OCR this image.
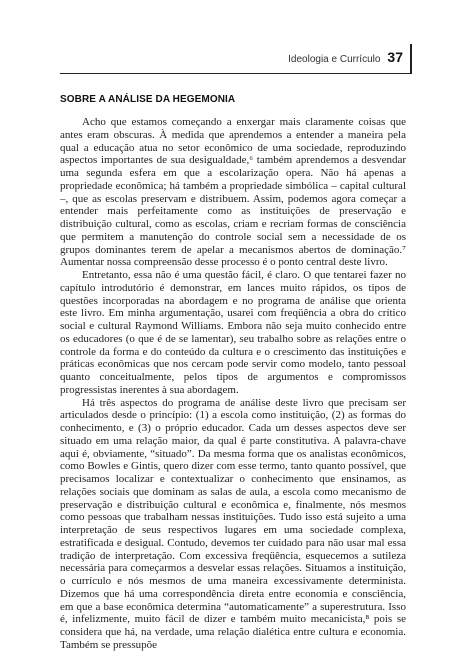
Ideologia e Currículo 37
SOBRE A ANÁLISE DA HEGEMONIA

Acho que estamos começando a enxergar mais claramente coisas que antes eram obscuras. À medida que aprendemos a entender a maneira pela qual a educação atua no setor econômico de uma sociedade, reproduzindo aspectos importantes de sua desigualdade,⁶ também aprendemos a desvendar uma segunda esfera em que a escolarização opera. Não há apenas a propriedade econômica; há também a propriedade simbólica – capital cultural –, que as escolas preservam e distribuem. Assim, podemos agora começar a entender mais perfeitamente como as instituições de preservação e distribuição cultural, como as escolas, criam e recriam formas de consciência que permitem a manutenção do controle social sem a necessidade de os grupos dominantes terem de apelar a mecanismos abertos de dominação.⁷ Aumentar nossa compreensão desse processo é o ponto central deste livro.

Entretanto, essa não é uma questão fácil, é claro. O que tentarei fazer no capítulo introdutório é demonstrar, em lances muito rápidos, os tipos de questões incorporadas na abordagem e no programa de análise que orienta este livro. Em minha argumentação, usarei com freqüência a obra do crítico social e cultural Raymond Williams. Embora não seja muito conhecido entre os educadores (o que é de se lamentar), seu trabalho sobre as relações entre o controle da forma e do conteúdo da cultura e o crescimento das instituições e práticas econômicas que nos cercam pode servir como modelo, tanto pessoal quanto conceitualmente, pelos tipos de argumentos e compromissos progressistas inerentes à sua abordagem.

Há três aspectos do programa de análise deste livro que precisam ser articulados desde o princípio: (1) a escola como instituição, (2) as formas do conhecimento, e (3) o próprio educador. Cada um desses aspectos deve ser situado em uma relação maior, da qual é parte constitutiva. A palavra-chave aqui é, obviamente, “situado”. Da mesma forma que os analistas econômicos, como Bowles e Gintis, quero dizer com esse termo, tanto quanto possível, que precisamos localizar e contextualizar o conhecimento que ensinamos, as relações sociais que dominam as salas de aula, a escola como mecanismo de preservação e distribuição cultural e econômica e, finalmente, nós mesmos como pessoas que trabalham nessas instituições. Tudo isso está sujeito a uma interpretação de seus respectivos lugares em uma sociedade complexa, estratificada e desigual. Contudo, devemos ter cuidado para não usar mal essa tradição de interpretação. Com excessiva freqüência, esquecemos a sutileza necessária para começarmos a desvelar essas relações. Situamos a instituição, o currículo e nós mesmos de uma maneira excessivamente determinista. Dizemos que há uma correspondência direta entre economia e consciência, em que a base econômica determina “automaticamente” a superestrutura. Isso é, infelizmente, muito fácil de dizer e também muito mecanicista,⁸ pois se considera que há, na verdade, uma relação dialética entre cultura e economia. Também se pressupõe
